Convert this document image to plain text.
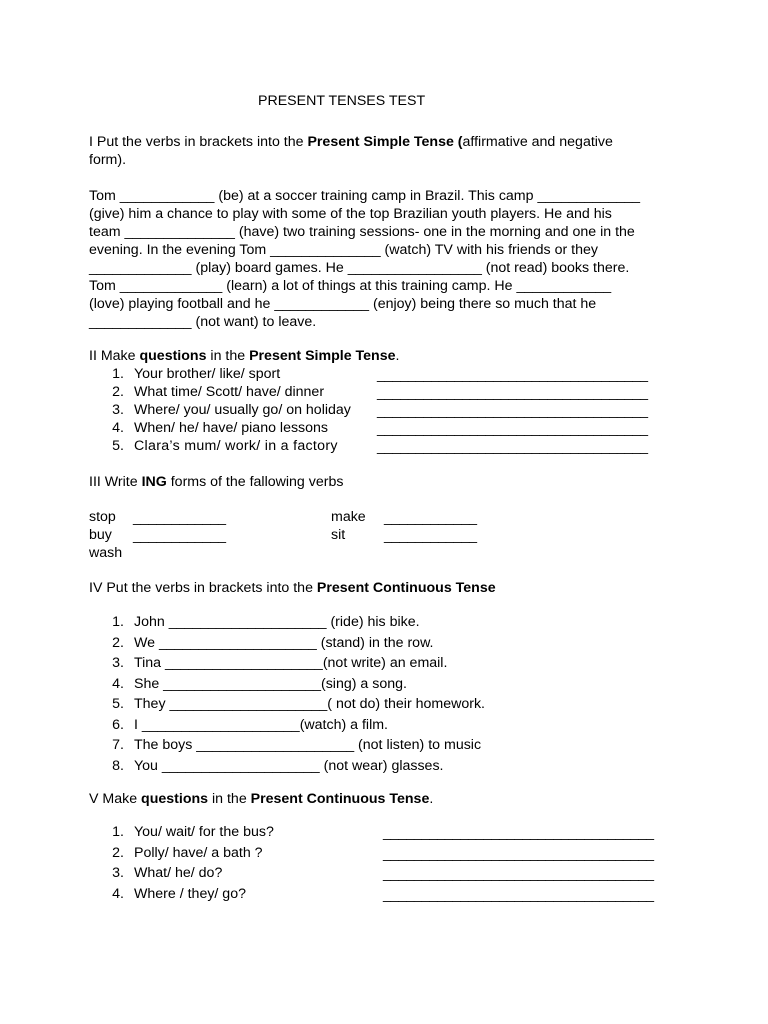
PRESENT TENSES TEST
I Put the verbs in brackets into the Present Simple Tense (affirmative and negative
form).
Tom ____________ (be) at a soccer training camp in Brazil. This camp _____________
(give) him a chance to play with some of the top Brazilian youth players. He and his
team ______________ (have) two training sessions- one in the morning and one in the
evening. In the evening Tom ______________ (watch) TV with his friends or they
_____________ (play) board games. He _________________ (not read) books there.
Tom _____________ (learn) a lot of things at this training camp. He ____________
(love) playing football and he ____________ (enjoy) being there so much that he
_____________ (not want) to leave.
II Make questions in the Present Simple Tense.
1. Your brother/ like/ sport	___________________________________
2. What time/ Scott/ have/ dinner	___________________________________
3. Where/ you/ usually go/ on holiday ___________________________________
4. When/ he/ have/ piano lessons	___________________________________
5. Clara’s mum/ work/ in a factory	___________________________________
III Write ING forms of the fallowing verbs
stop ____________	make ____________
buy ____________	sit	____________
wash
IV Put the verbs in brackets into the Present Continuous Tense
1. John ____________________ (ride) his bike.
2. We ____________________ (stand) in the row.
3. Tina ____________________(not write) an email.
4. She ____________________(sing) a song.
5. They ____________________( not do) their homework.
6. I ____________________(watch) a film.
7. The boys ____________________ (not listen) to music
8. You ____________________ (not wear) glasses.
V Make questions in the Present Continuous Tense.
1. You/ wait/ for the bus?	___________________________________
2. Polly/ have/ a bath ?	___________________________________
3. What/ he/ do?	___________________________________
4. Where / they/ go?	___________________________________
